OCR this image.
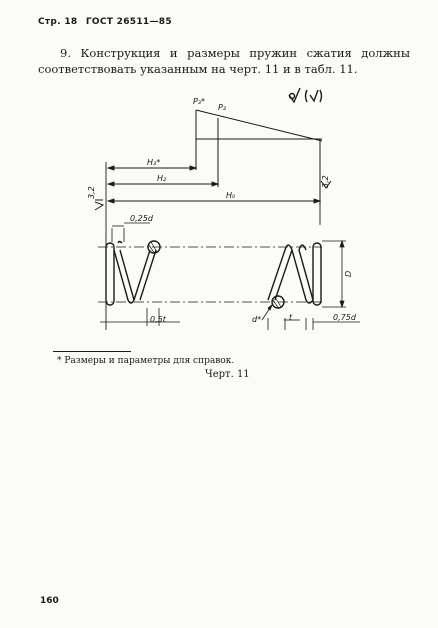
Стр. 18 ГОСТ 26511—85
9. Конструкция и размеры пружин сжатия должны соответствовать указанным на черт. 11 и в табл. 11.
P₃*
P₂
H₃*
H₂
H₀
3,2
3,2
0,25d
0,5t	d*	t	0,75d
D
* Размеры и параметры для справок.
Черт. 11
160
